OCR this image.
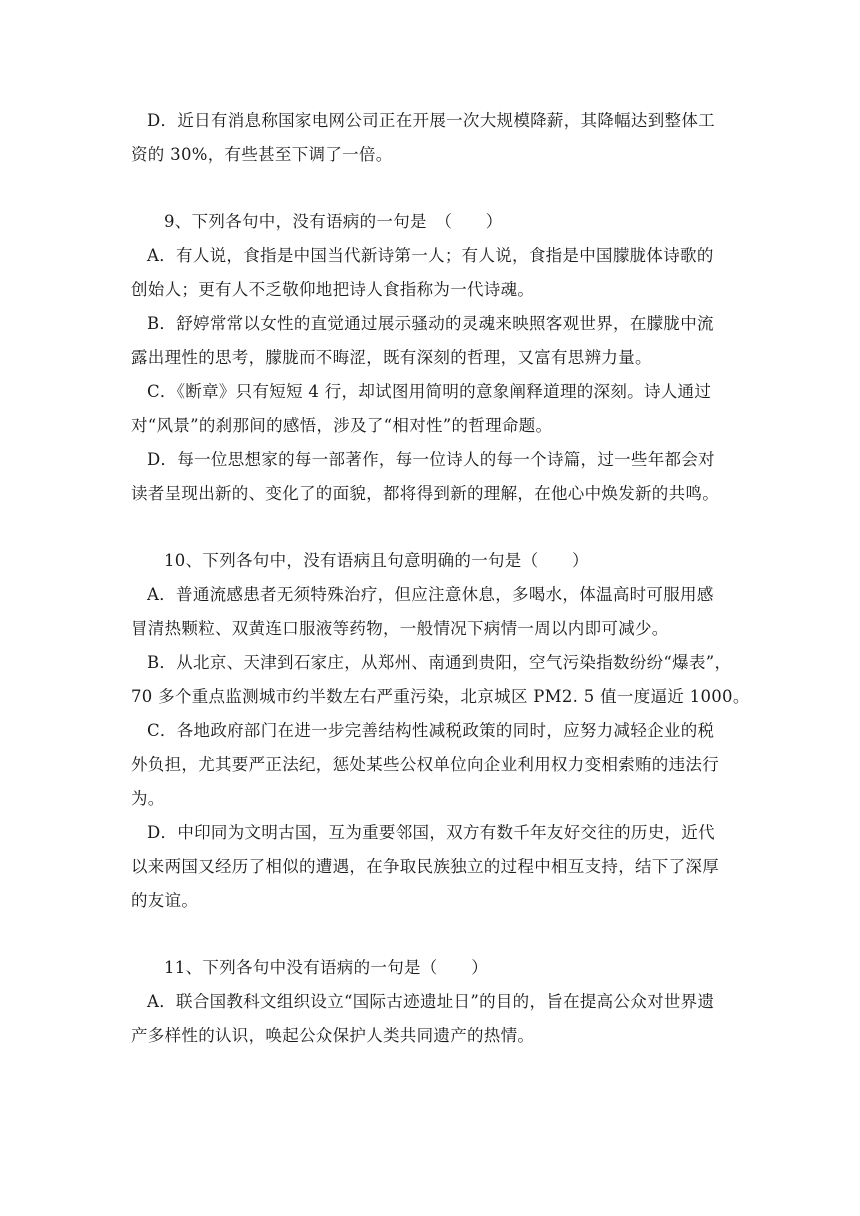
D．近日有消息称国家电网公司正在开展一次大规模降薪，其降幅达到整体工
资的 30%，有些甚至下调了一倍。
9、下列各句中，没有语病的一句是　（　　）
A．有人说，食指是中国当代新诗第一人；有人说，食指是中国朦胧体诗歌的
创始人；更有人不乏敬仰地把诗人食指称为一代诗魂。
B．舒婷常常以女性的直觉通过展示骚动的灵魂来映照客观世界，在朦胧中流
露出理性的思考，朦胧而不晦涩，既有深刻的哲理，又富有思辨力量。
C．《断章》只有短短 4 行，却试图用简明的意象阐释道理的深刻。诗人通过
对“风景”的刹那间的感悟，涉及了“相对性”的哲理命题。
D．每一位思想家的每一部著作，每一位诗人的每一个诗篇，过一些年都会对
读者呈现出新的、变化了的面貌，都将得到新的理解，在他心中焕发新的共鸣。
10、下列各句中，没有语病且句意明确的一句是（　　）
A．普通流感患者无须特殊治疗，但应注意休息，多喝水，体温高时可服用感
冒清热颗粒、双黄连口服液等药物，一般情况下病情一周以内即可减少。
B．从北京、天津到石家庄，从郑州、南通到贵阳，空气污染指数纷纷“爆表”，
70 多个重点监测城市约半数左右严重污染，北京城区 PM2. 5 值一度逼近 1000。
C．各地政府部门在进一步完善结构性减税政策的同时，应努力减轻企业的税
外负担，尤其要严正法纪，惩处某些公权单位向企业利用权力变相索贿的违法行
为。
D．中印同为文明古国，互为重要邻国，双方有数千年友好交往的历史，近代
以来两国又经历了相似的遭遇，在争取民族独立的过程中相互支持，结下了深厚
的友谊。
11、下列各句中没有语病的一句是（　　）
A．联合国教科文组织设立“国际古迹遗址日”的目的，旨在提高公众对世界遗
产多样性的认识，唤起公众保护人类共同遗产的热情。
